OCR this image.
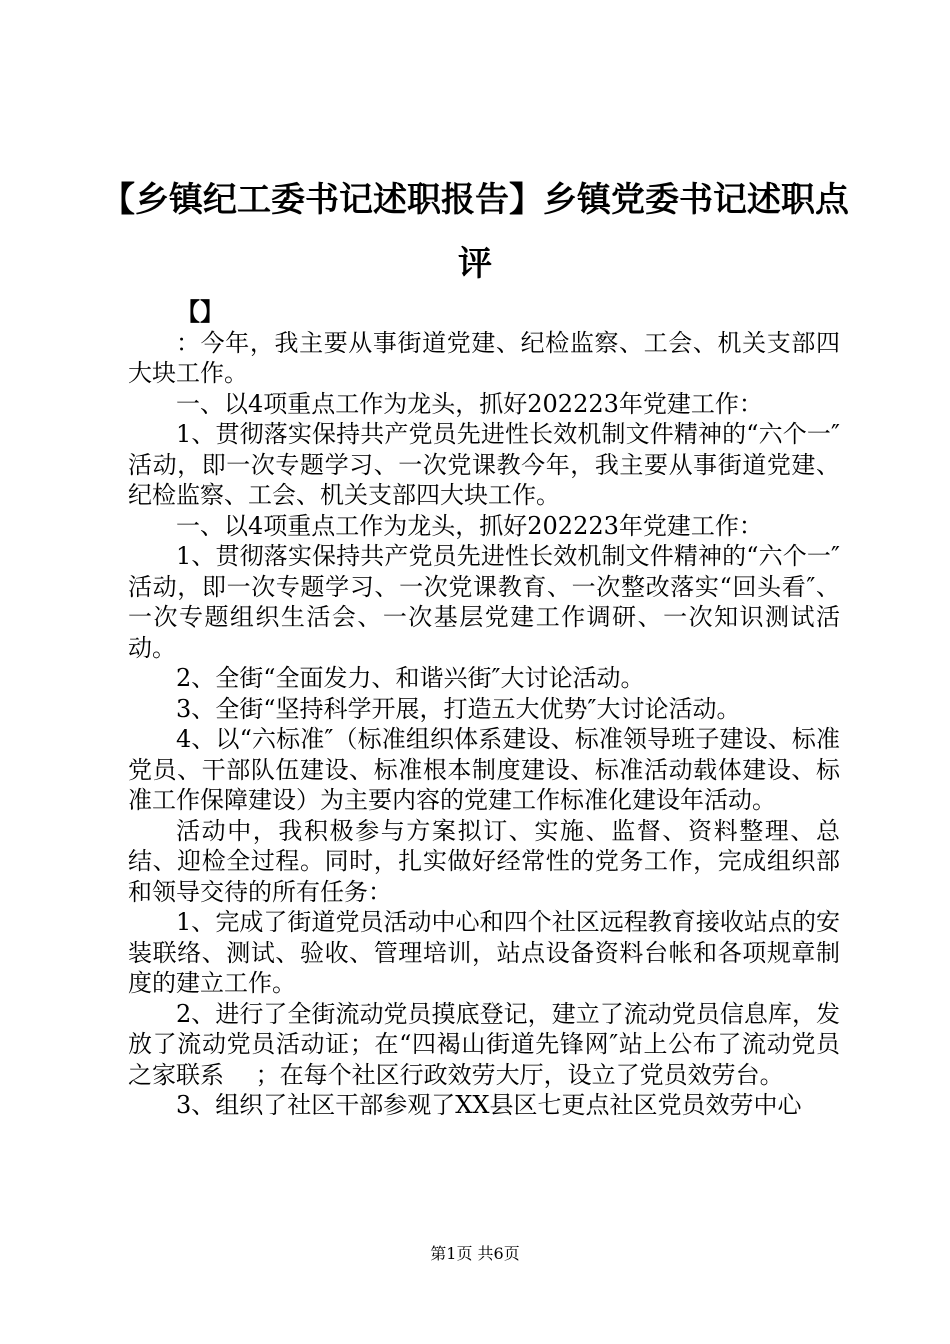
【乡镇纪工委书记述职报告】乡镇党委书记述职点评

【】

：今年，我主要从事街道党建、纪检监察、工会、机关支部四大块工作。

一、以4项重点工作为龙头，抓好202223年党建工作：

1、贯彻落实保持共产党员先进性长效机制文件精神的“六个一″活动，即一次专题学习、一次党课教今年，我主要从事街道党建、纪检监察、工会、机关支部四大块工作。

一、以4项重点工作为龙头，抓好202223年党建工作：

1、贯彻落实保持共产党员先进性长效机制文件精神的“六个一″活动，即一次专题学习、一次党课教育、一次整改落实“回头看″、一次专题组织生活会、一次基层党建工作调研、一次知识测试活动。

2、全街“全面发力、和谐兴街″大讨论活动。

3、全街“坚持科学开展，打造五大优势″大讨论活动。

4、以“六标准″（标准组织体系建设、标准领导班子建设、标准党员、干部队伍建设、标准根本制度建设、标准活动载体建设、标准工作保障建设）为主要内容的党建工作标准化建设年活动。

活动中，我积极参与方案拟订、实施、监督、资料整理、总结、迎检全过程。同时，扎实做好经常性的党务工作，完成组织部和领导交待的所有任务：

1、完成了街道党员活动中心和四个社区远程教育接收站点的安装联络、测试、验收、管理培训，站点设备资料台帐和各项规章制度的建立工作。

2、进行了全街流动党员摸底登记，建立了流动党员信息库，发放了流动党员活动证；在“四褐山街道先锋网″站上公布了流动党员之家联系　 ；在每个社区行政效劳大厅，设立了党员效劳台。

3、组织了社区干部参观了XX县区七更点社区党员效劳中心

第1页 共6页
